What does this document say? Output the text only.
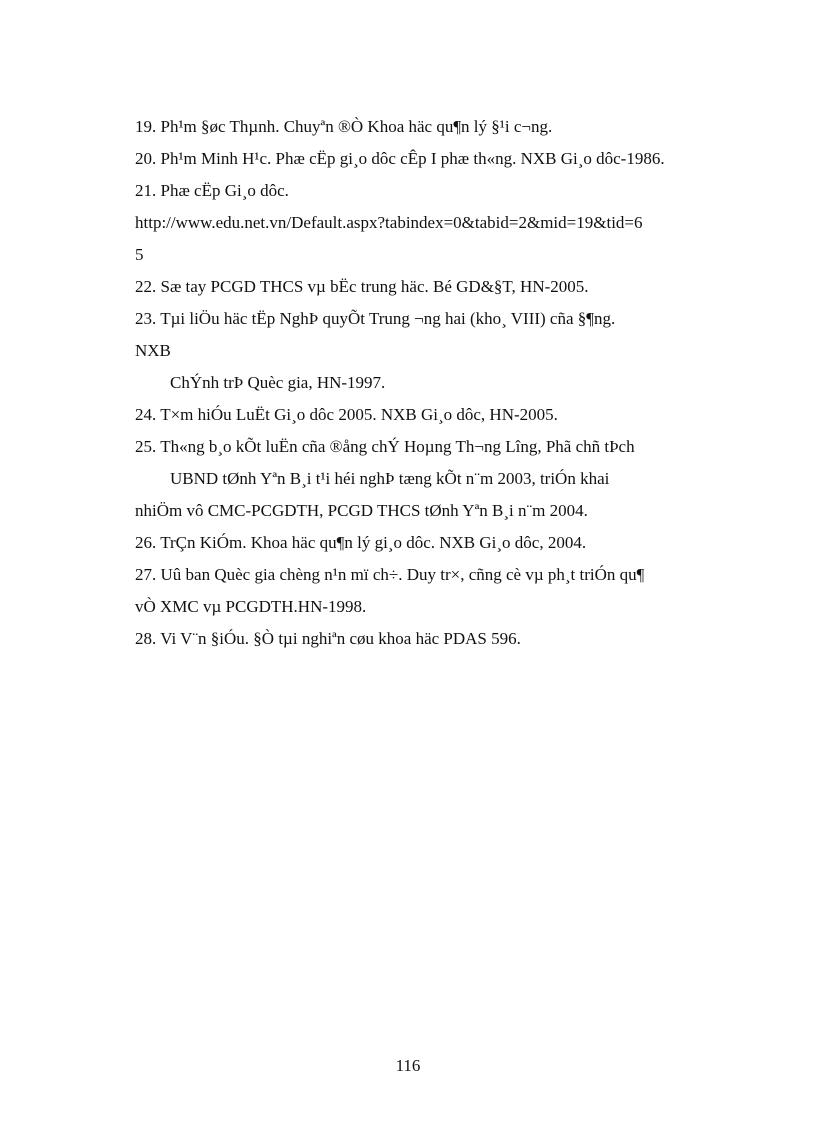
19. Ph¹m §øc Thµnh. Chuyªn ®Ò Khoa häc qu¶n lý §¹i c¬ng.
20. Ph¹m Minh H¹c. Phæ cËp gi¸o dôc cÊp I phæ th«ng. NXB Gi¸o dôc-1986.
21. Phæ cËp Gi¸o dôc.
http://www.edu.net.vn/Default.aspx?tabindex=0&tabid=2&mid=19&tid=6
5
22. Sæ tay PCGD THCS vµ bËc trung häc. Bé GD&§T, HN-2005.
23. Tµi liÖu häc tËp NghÞ quyÕt Trung ¬ng hai (kho¸ VIII) cña §¶ng.
NXB
ChÝnh trÞ Quèc gia, HN-1997.
24. T×m hiÓu LuËt Gi¸o dôc 2005. NXB Gi¸o dôc, HN-2005.
25. Th«ng b¸o kÕt luËn cña ®ång chÝ Hoµng Th¬ng Lîng, Phã chñ tÞch
UBND tØnh Yªn B¸i t¹i héi nghÞ tæng kÕt n¨m 2003, triÓn khai
nhiÖm vô CMC-PCGDTH, PCGD THCS tØnh Yªn B¸i n¨m 2004.
26. TrÇn KiÓm. Khoa häc qu¶n lý gi¸o dôc. NXB Gi¸o dôc, 2004.
27. Uû ban Quèc gia chèng n¹n mï ch÷. Duy tr×, cñng cè vµ ph¸t triÓn qu¶
vÒ XMC vµ PCGDTH.HN-1998.
28. Vi V¨n §iÓu. §Ò tµi nghiªn cøu khoa häc PDAS 596.
116
